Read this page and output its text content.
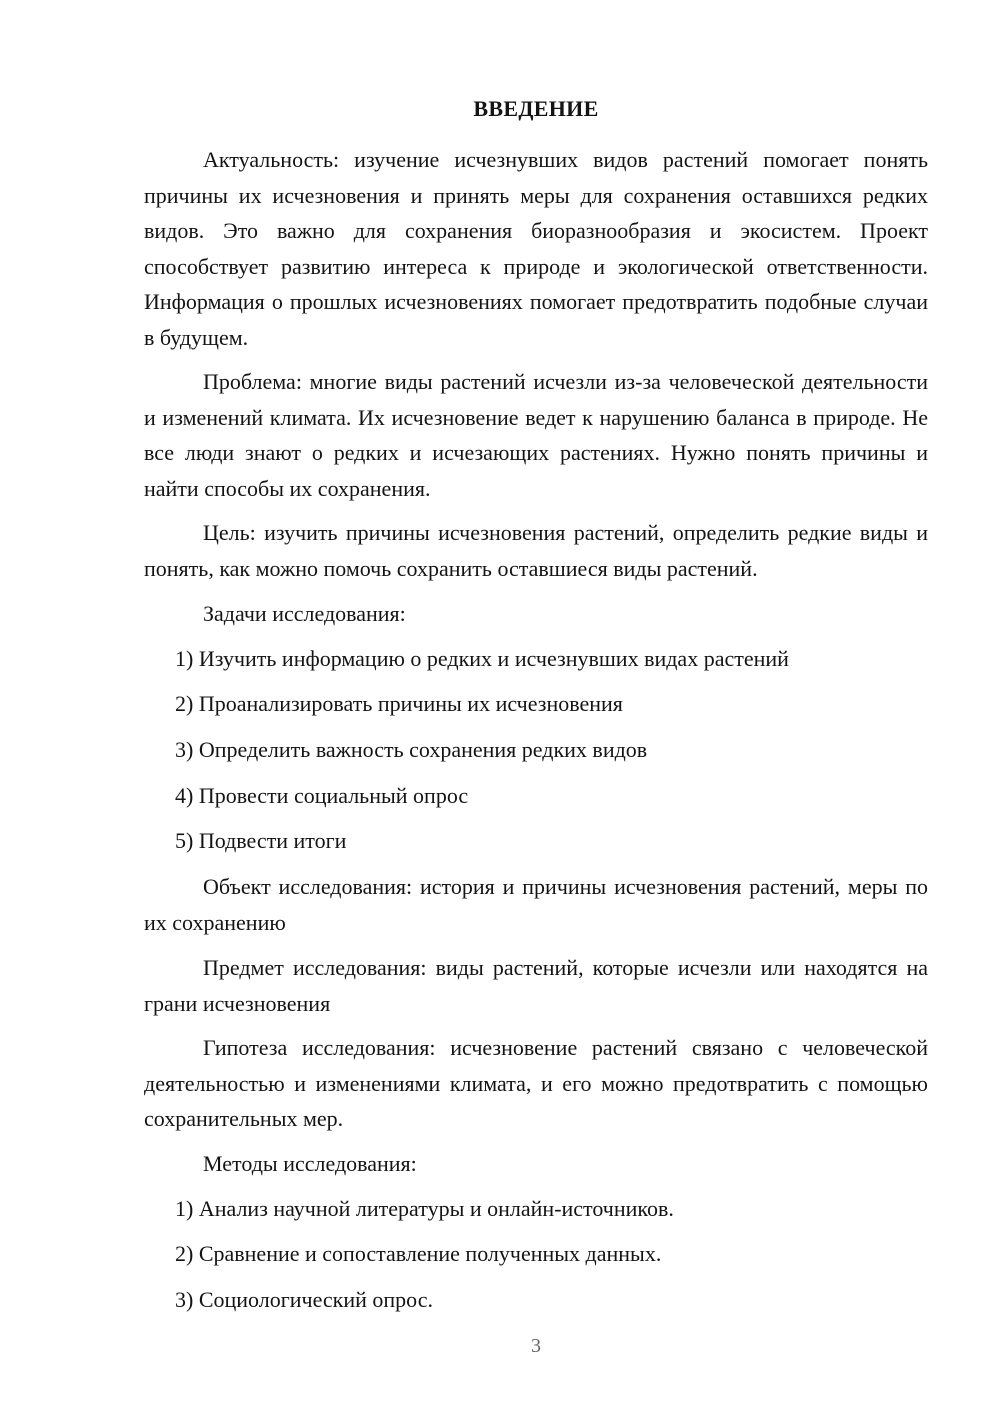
ВВЕДЕНИЕ

Актуальность: изучение исчезнувших видов растений помогает понять причины их исчезновения и принять меры для сохранения оставшихся редких видов. Это важно для сохранения биоразнообразия и экосистем. Проект способствует развитию интереса к природе и экологической ответственности. Информация о прошлых исчезновениях помогает предотвратить подобные случаи в будущем.

Проблема: многие виды растений исчезли из-за человеческой деятельности и изменений климата. Их исчезновение ведет к нарушению баланса в природе. Не все люди знают о редких и исчезающих растениях. Нужно понять причины и найти способы их сохранения.

Цель: изучить причины исчезновения растений, определить редкие виды и понять, как можно помочь сохранить оставшиеся виды растений.

Задачи исследования:

1) Изучить информацию о редких и исчезнувших видах растений

2) Проанализировать причины их исчезновения

3) Определить важность сохранения редких видов

4) Провести социальный опрос

5) Подвести итоги

Объект исследования: история и причины исчезновения растений, меры по их сохранению

Предмет исследования: виды растений, которые исчезли или находятся на грани исчезновения

Гипотеза исследования: исчезновение растений связано с человеческой деятельностью и изменениями климата, и его можно предотвратить с помощью сохранительных мер.

Методы исследования:

1) Анализ научной литературы и онлайн-источников.

2) Сравнение и сопоставление полученных данных.

3) Социологический опрос.

3
